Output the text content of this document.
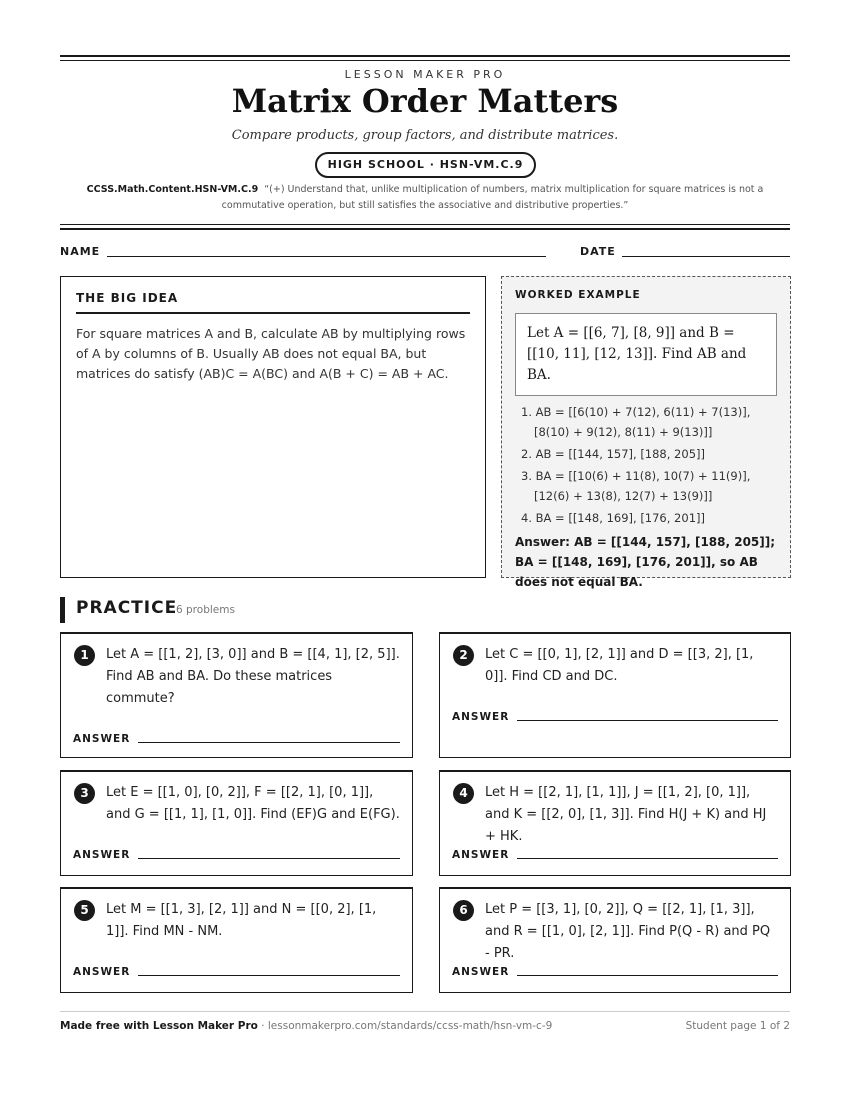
LESSON MAKER PRO
Matrix Order Matters
Compare products, group factors, and distribute matrices.
HIGH SCHOOL · HSN-VM.C.9
CCSS.Math.Content.HSN-VM.C.9 “(+) Understand that, unlike multiplication of numbers, matrix multiplication for square matrices is not a commutative operation, but still satisfies the associative and distributive properties.”
NAME	DATE
THE BIG IDEA

For square matrices A and B, calculate AB by multiplying rows of A by columns of B. Usually AB does not equal BA, but matrices do satisfy (AB)C = A(BC) and A(B + C) = AB + AC.

WORKED EXAMPLE
Let A = [[6, 7], [8, 9]] and B = [[10, 11], [12, 13]]. Find AB and BA.
1. AB = [[6(10) + 7(12), 6(11) + 7(13)], [8(10) + 9(12), 8(11) + 9(13)]]
2. AB = [[144, 157], [188, 205]]
3. BA = [[10(6) + 11(8), 10(7) + 11(9)], [12(6) + 13(8), 12(7) + 13(9)]]
4. BA = [[148, 169], [176, 201]]
Answer: AB = [[144, 157], [188, 205]]; BA = [[148, 169], [176, 201]], so AB does not equal BA.
PRACTICE
6 problems
1	Let A = [[1, 2], [3, 0]] and B = [[4, 1], [2, 5]]. Find AB and BA. Do these matrices commute?
ANSWER
2	Let C = [[0, 1], [2, 1]] and D = [[3, 2], [1, 0]]. Find CD and DC.
ANSWER
3	Let E = [[1, 0], [0, 2]], F = [[2, 1], [0, 1]], and G = [[1, 1], [1, 0]]. Find (EF)G and E(FG).
ANSWER
4	Let H = [[2, 1], [1, 1]], J = [[1, 2], [0, 1]], and K = [[2, 0], [1, 3]]. Find H(J + K) and HJ + HK.
ANSWER
5	Let M = [[1, 3], [2, 1]] and N = [[0, 2], [1, 1]]. Find MN - NM.
ANSWER
6	Let P = [[3, 1], [0, 2]], Q = [[2, 1], [1, 3]], and R = [[1, 0], [2, 1]]. Find P(Q - R) and PQ - PR.
ANSWER
Made free with Lesson Maker Pro · lessonmakerpro.com/standards/ccss-math/hsn-vm-c-9	Student page 1 of 2
